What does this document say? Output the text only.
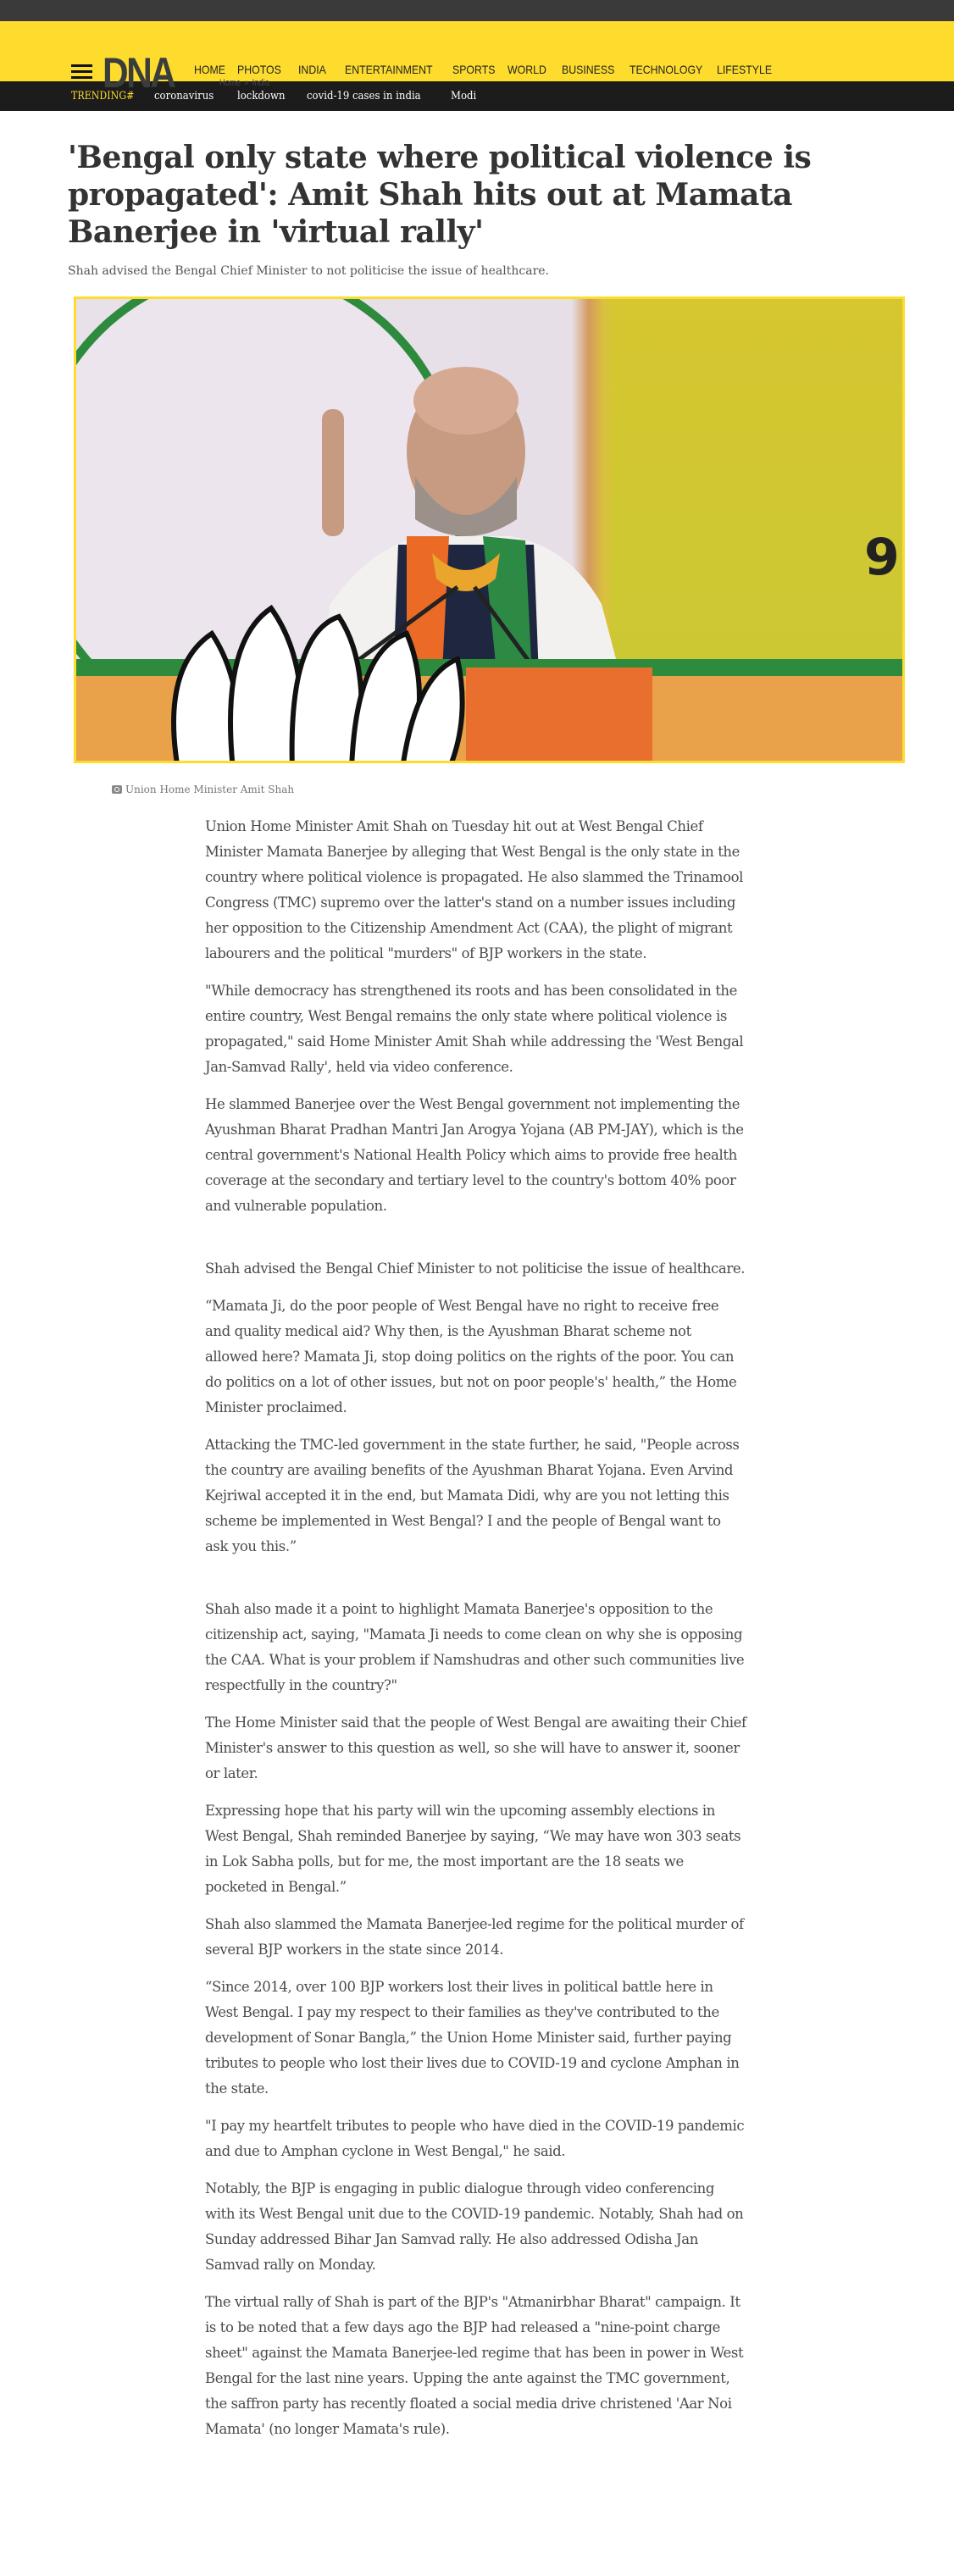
DNA HOME PHOTOS	INDIA	ENTERTAINMENT SPORTS WORLD	BUSINESS TECHNOLOGY LIFESTYLE
Home » India
TRENDING# coronavirus lockdown covid-19 cases in india	Modi
'Bengal only state where political violence is propagated': Amit Shah hits out at Mamata Banerjee in 'virtual rally'
Shah advised the Bengal Chief Minister to not politicise the issue of healthcare.
9
Union Home Minister Amit Shah

Union Home Minister Amit Shah on Tuesday hit out at West Bengal Chief Minister Mamata Banerjee by alleging that West Bengal is the only state in the country where political violence is propagated. He also slammed the Trinamool Congress (TMC) supremo over the latter's stand on a number issues including her opposition to the Citizenship Amendment Act (CAA), the plight of migrant labourers and the political "murders" of BJP workers in the state.

"While democracy has strengthened its roots and has been consolidated in the entire country, West Bengal remains the only state where political violence is propagated," said Home Minister Amit Shah while addressing the 'West Bengal Jan-Samvad Rally', held via video conference.

He slammed Banerjee over the West Bengal government not implementing the Ayushman Bharat Pradhan Mantri Jan Arogya Yojana (AB PM-JAY), which is the central government's National Health Policy which aims to provide free health coverage at the secondary and tertiary level to the country's bottom 40% poor and vulnerable population.

Shah advised the Bengal Chief Minister to not politicise the issue of healthcare.

“Mamata Ji, do the poor people of West Bengal have no right to receive free and quality medical aid? Why then, is the Ayushman Bharat scheme not allowed here? Mamata Ji, stop doing politics on the rights of the poor. You can do politics on a lot of other issues, but not on poor people's' health,” the Home Minister proclaimed.

Attacking the TMC-led government in the state further, he said, "People across the country are availing benefits of the Ayushman Bharat Yojana. Even Arvind Kejriwal accepted it in the end, but Mamata Didi, why are you not letting this scheme be implemented in West Bengal? I and the people of Bengal want to ask you this.”

Shah also made it a point to highlight Mamata Banerjee's opposition to the citizenship act, saying, "Mamata Ji needs to come clean on why she is opposing the CAA. What is your problem if Namshudras and other such communities live respectfully in the country?"

The Home Minister said that the people of West Bengal are awaiting their Chief Minister's answer to this question as well, so she will have to answer it, sooner or later.

Expressing hope that his party will win the upcoming assembly elections in West Bengal, Shah reminded Banerjee by saying, “We may have won 303 seats in Lok Sabha polls, but for me, the most important are the 18 seats we pocketed in Bengal.”

Shah also slammed the Mamata Banerjee-led regime for the political murder of several BJP workers in the state since 2014.

“Since 2014, over 100 BJP workers lost their lives in political battle here in West Bengal. I pay my respect to their families as they've contributed to the development of Sonar Bangla,” the Union Home Minister said, further paying tributes to people who lost their lives due to COVID-19 and cyclone Amphan in the state.

"I pay my heartfelt tributes to people who have died in the COVID-19 pandemic and due to Amphan cyclone in West Bengal," he said.

Notably, the BJP is engaging in public dialogue through video conferencing with its West Bengal unit due to the COVID-19 pandemic. Notably, Shah had on Sunday addressed Bihar Jan Samvad rally. He also addressed Odisha Jan Samvad rally on Monday.

The virtual rally of Shah is part of the BJP's "Atmanirbhar Bharat" campaign. It is to be noted that a few days ago the BJP had released a "nine-point charge sheet" against the Mamata Banerjee-led regime that has been in power in West Bengal for the last nine years. Upping the ante against the TMC government, the saffron party has recently floated a social media drive christened 'Aar Noi Mamata' (no longer Mamata's rule).
